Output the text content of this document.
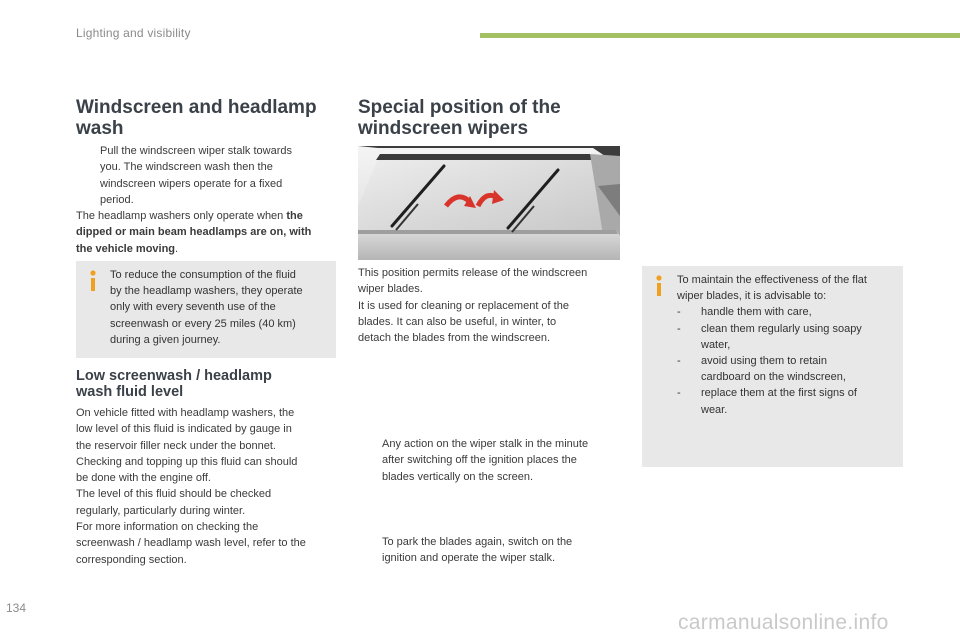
Lighting and visibility
Windscreen and headlamp
wash
Pull the windscreen wiper stalk towards
you. The windscreen wash then the
windscreen wipers operate for a fixed
period.
The headlamp washers only operate when the
dipped or main beam headlamps are on, with
the vehicle moving.
To reduce the consumption of the fluid
by the headlamp washers, they operate
only with every seventh use of the
screenwash or every 25 miles (40 km)
during a given journey.
Low screenwash / headlamp
wash fluid level
On vehicle fitted with headlamp washers, the
low level of this fluid is indicated by gauge in
the reservoir filler neck under the bonnet.
Checking and topping up this fluid can should
be done with the engine off.
The level of this fluid should be checked
regularly, particularly during winter.
For more information on checking the
screenwash / headlamp wash level, refer to the
corresponding section.
Special position of the
windscreen wipers
This position permits release of the windscreen
wiper blades.
It is used for cleaning or replacement of the
blades. It can also be useful, in winter, to
detach the blades from the windscreen.
Any action on the wiper stalk in the minute
after switching off the ignition places the
blades vertically on the screen.
To park the blades again, switch on the
ignition and operate the wiper stalk.
To maintain the effectiveness of the flat
wiper blades, it is advisable to:
- handle them with care,
- clean them regularly using soapy
water,
- avoid using them to retain
cardboard on the windscreen,
- replace them at the first signs of
wear.
134
carmanualsonline.info
